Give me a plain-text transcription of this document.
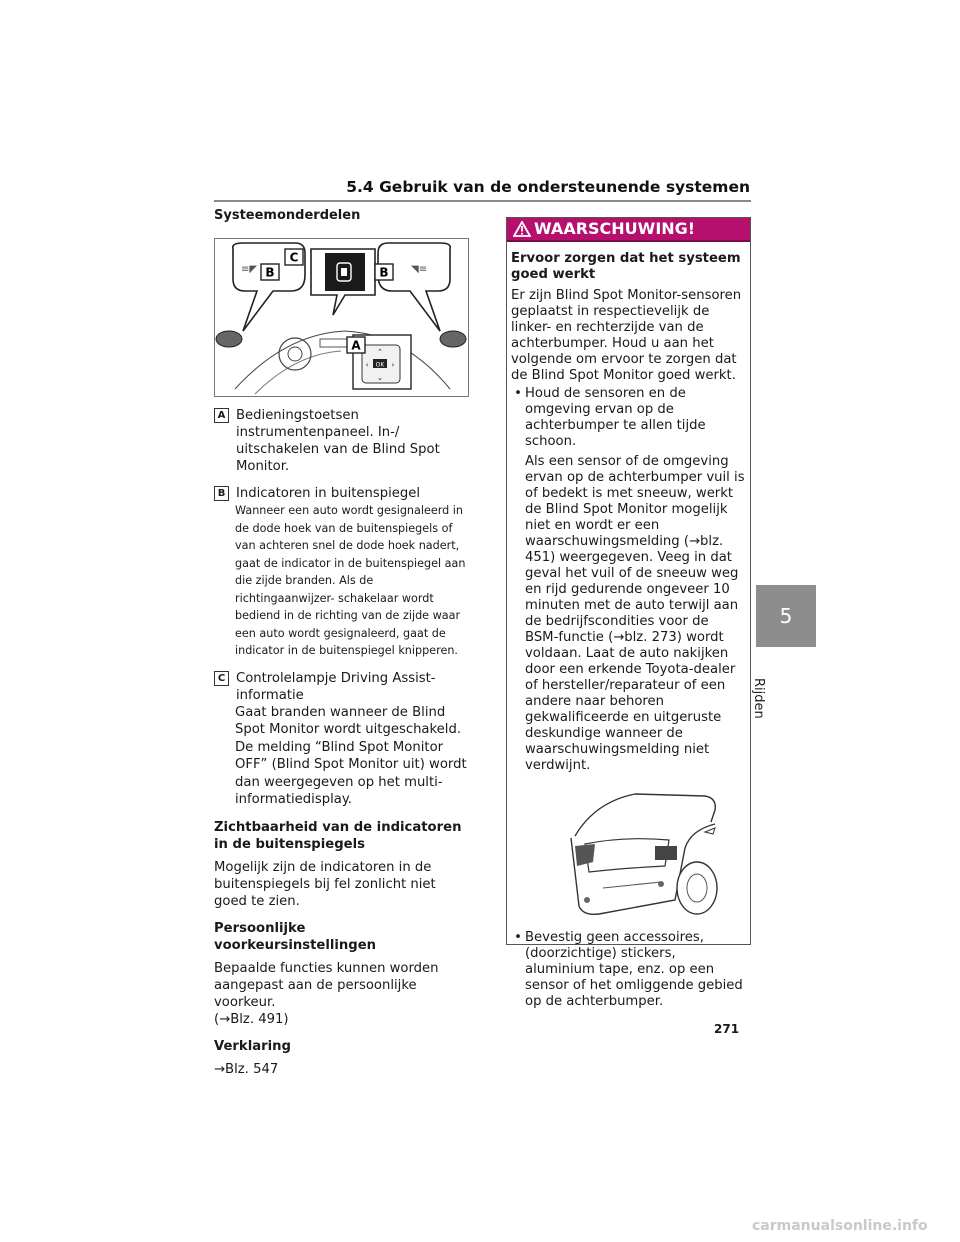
5.4 Gebruik van de ondersteunende systemen
Systeemonderdelen
≡◤	◥≡
B	B
C
OK
⌃
⌄
‹	›
A
A Bedieningstoetsen instrumentenpaneel. In-/ uitschakelen van de Blind Spot Monitor.
B Indicatoren in buitenspiegel
Wanneer een auto wordt gesignaleerd in de dode hoek van de buitenspiegels of van achteren snel de dode hoek nadert, gaat de indicator in de buitenspiegel aan die zijde branden. Als de richtingaanwijzer- schakelaar wordt bediend in de richting van de zijde waar een auto wordt gesignaleerd, gaat de indicator in de buitenspiegel knipperen.
C Controlelampje Driving Assist-informatie
Gaat branden wanneer de Blind Spot Monitor wordt uitgeschakeld. De melding “Blind Spot Monitor OFF” (Blind Spot Monitor uit) wordt dan weergegeven op het multi-informatiedisplay.
Zichtbaarheid van de indicatoren in de buitenspiegels
Mogelijk zijn de indicatoren in de buitenspiegels bij fel zonlicht niet goed te zien.
Persoonlijke voorkeursinstellingen
Bepaalde functies kunnen worden aangepast aan de persoonlijke voorkeur.
(→Blz. 491)
Verklaring
→Blz. 547
WAARSCHUWING!
Ervoor zorgen dat het systeem goed werkt
Er zijn Blind Spot Monitor-sensoren geplaatst in respectievelijk de linker- en rechterzijde van de achterbumper. Houd u aan het volgende om ervoor te zorgen dat de Blind Spot Monitor goed werkt.
• Houd de sensoren en de omgeving ervan op de achterbumper te allen tijde schoon.
Als een sensor of de omgeving ervan op de achterbumper vuil is of bedekt is met sneeuw, werkt de Blind Spot Monitor mogelijk niet en wordt er een waarschuwingsmelding (→blz. 451) weergegeven. Veeg in dat geval het vuil of de sneeuw weg en rijd gedurende ongeveer 10 minuten met de auto terwijl aan de bedrijfscondities voor de BSM-functie (→blz. 273) wordt voldaan. Laat de auto nakijken door een erkende Toyota-dealer of hersteller/reparateur of een andere naar behoren gekwalificeerde en uitgeruste deskundige wanneer de waarschuwingsmelding niet verdwijnt.
• Bevestig geen accessoires, (doorzichtige) stickers, aluminium tape, enz. op een sensor of het omliggende gebied op de achterbumper.
5
Rijden
271
carmanualsonline.info
